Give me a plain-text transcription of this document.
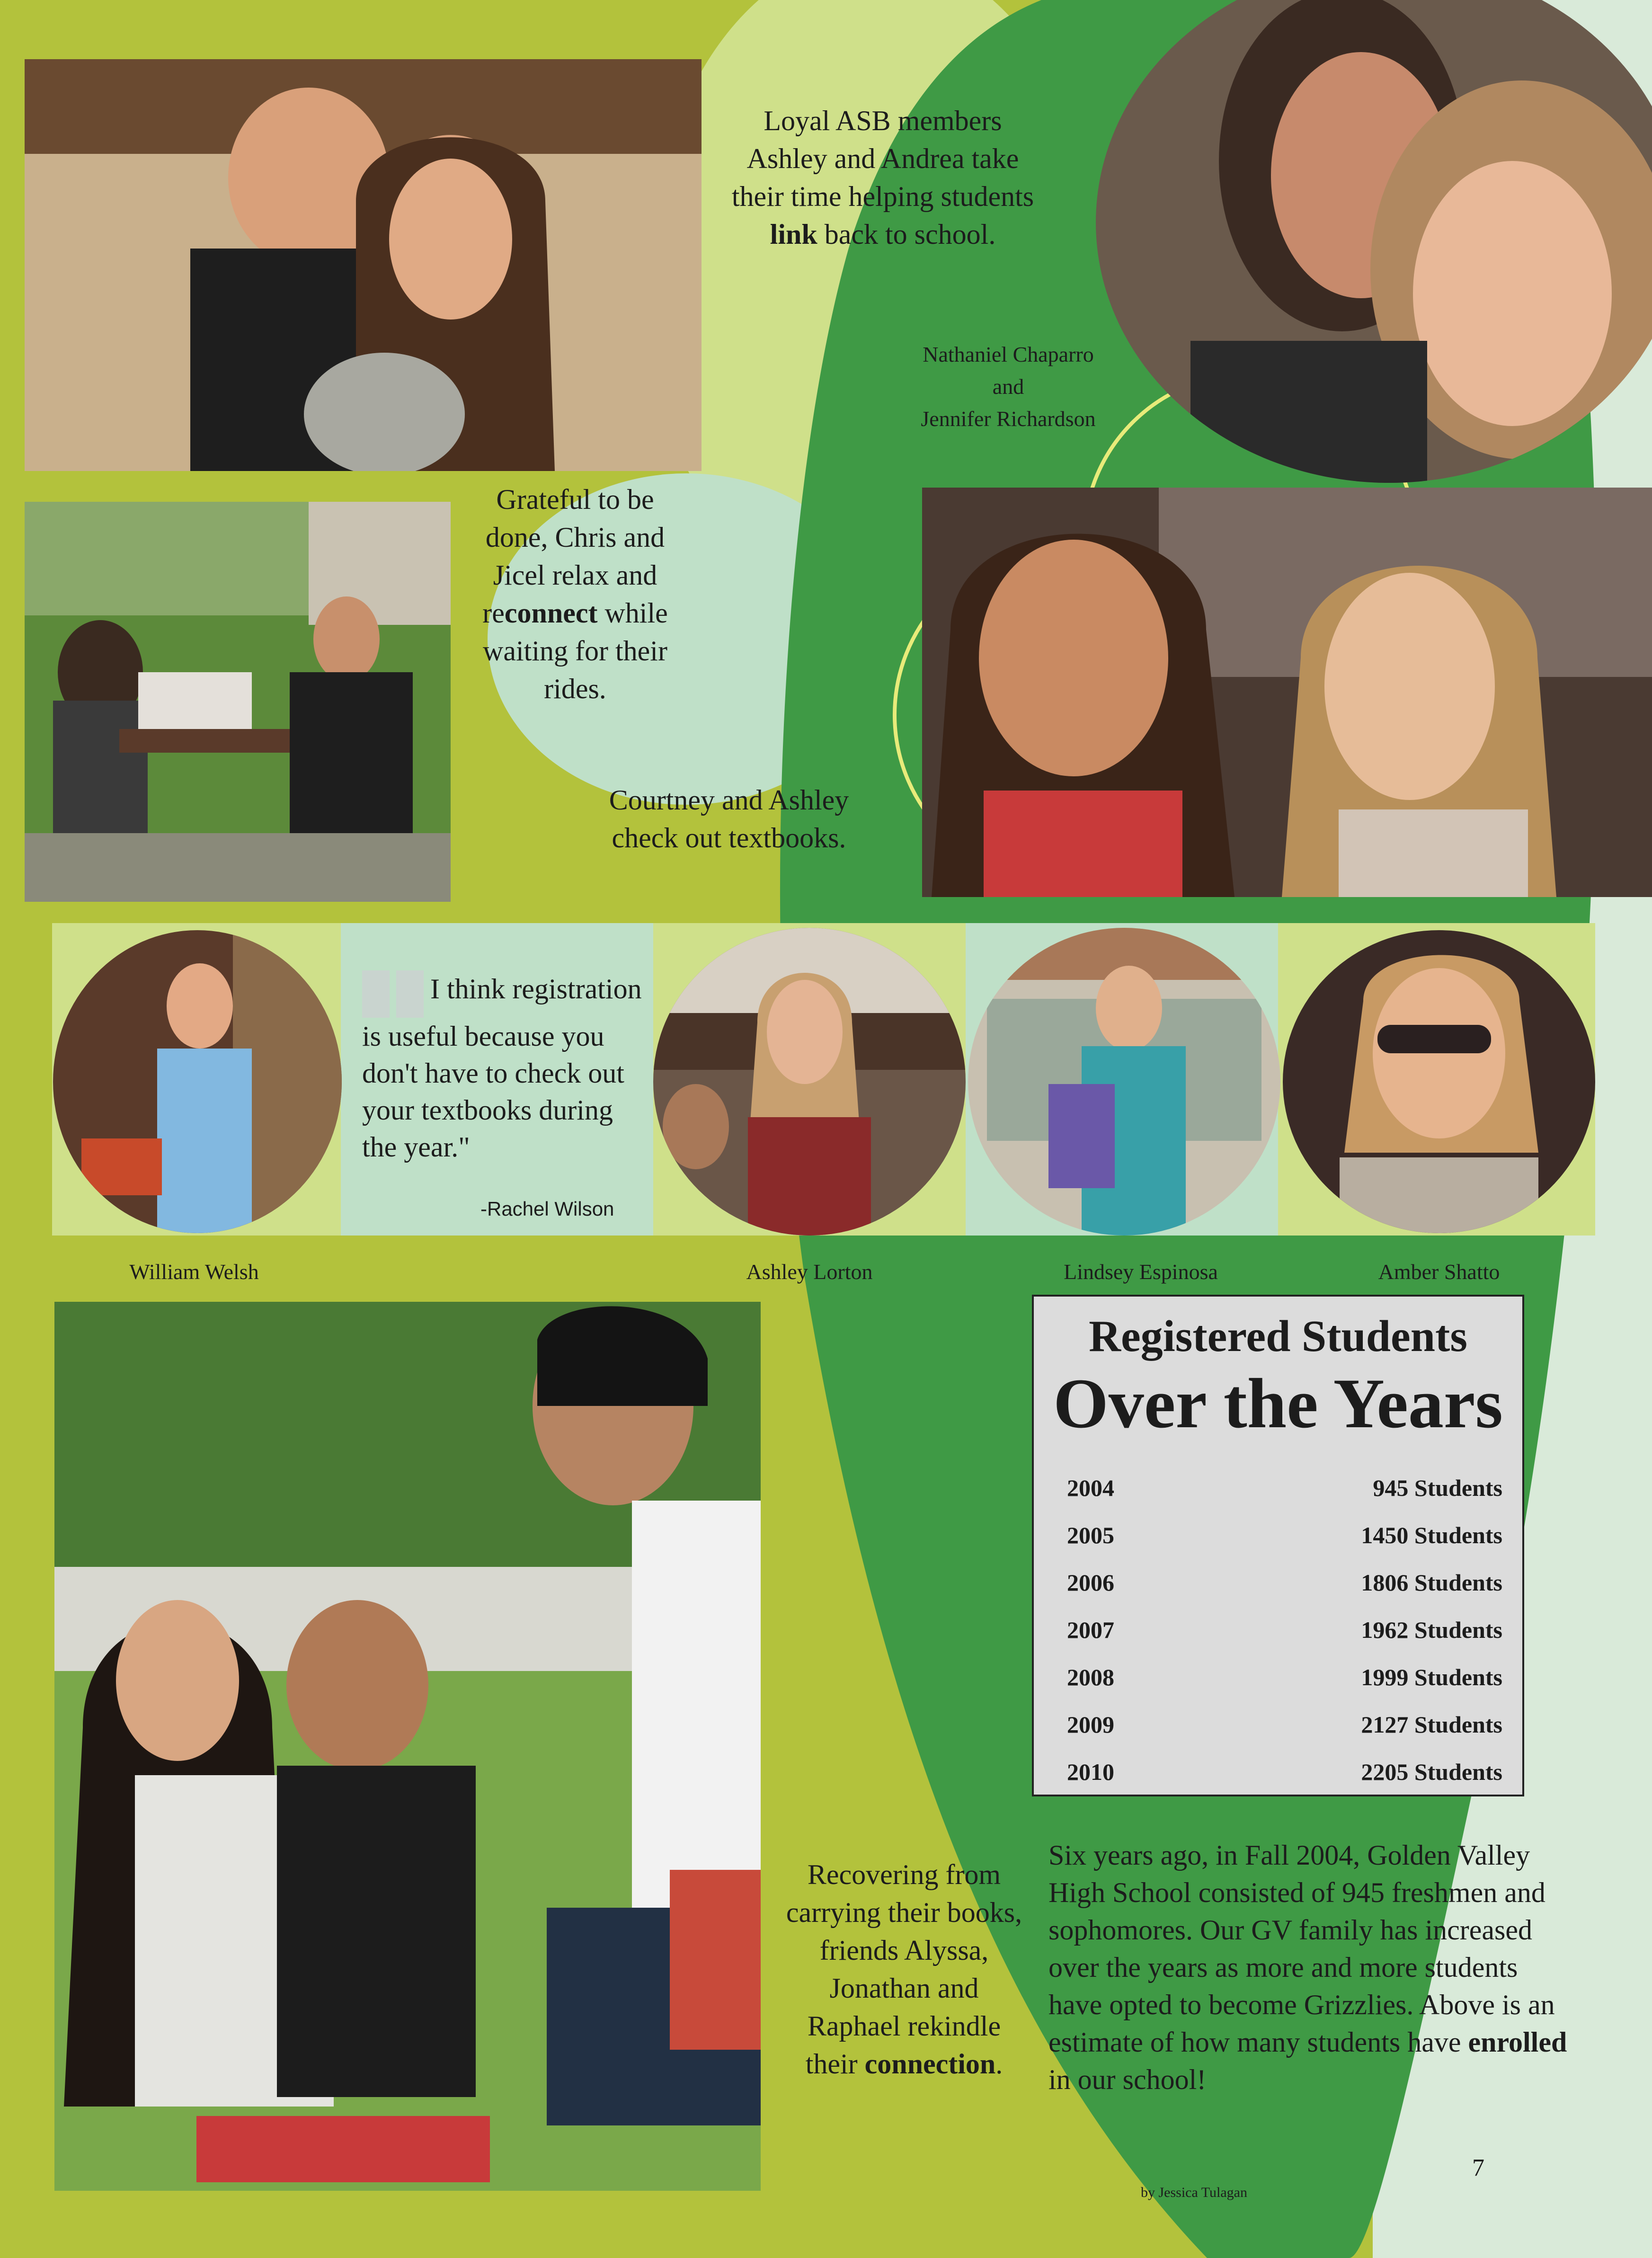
Loyal ASB members Ashley and Andrea take their time helping students link back to school.
Nathaniel Chaparro
and
Jennifer Richardson
Grateful to be done, Chris and Jicel relax and reconnect while waiting for their rides.
Courtney and Ashley check out textbooks.
I think registration is useful because you don't have to check out your textbooks during the year."
-Rachel Wilson
William Welsh	Ashley Lorton	Lindsey Espinosa	Amber Shatto
Registered Students
Over the Years
2004	945 Students
2005	1450 Students
2006	1806 Students
2007	1962 Students
2008	1999 Students
2009	2127 Students
2010	2205 Students
Recovering from carrying their books, friends Alyssa, Jonathan and Raphael rekindle their connection.
Six years ago, in Fall 2004, Golden Valley High School consisted of 945 freshmen and sophomores. Our GV family has increased over the years as more and more students have opted to become Grizzlies. Above is an estimate of how many students have enrolled in our school!
by Jessica Tulagan
7
